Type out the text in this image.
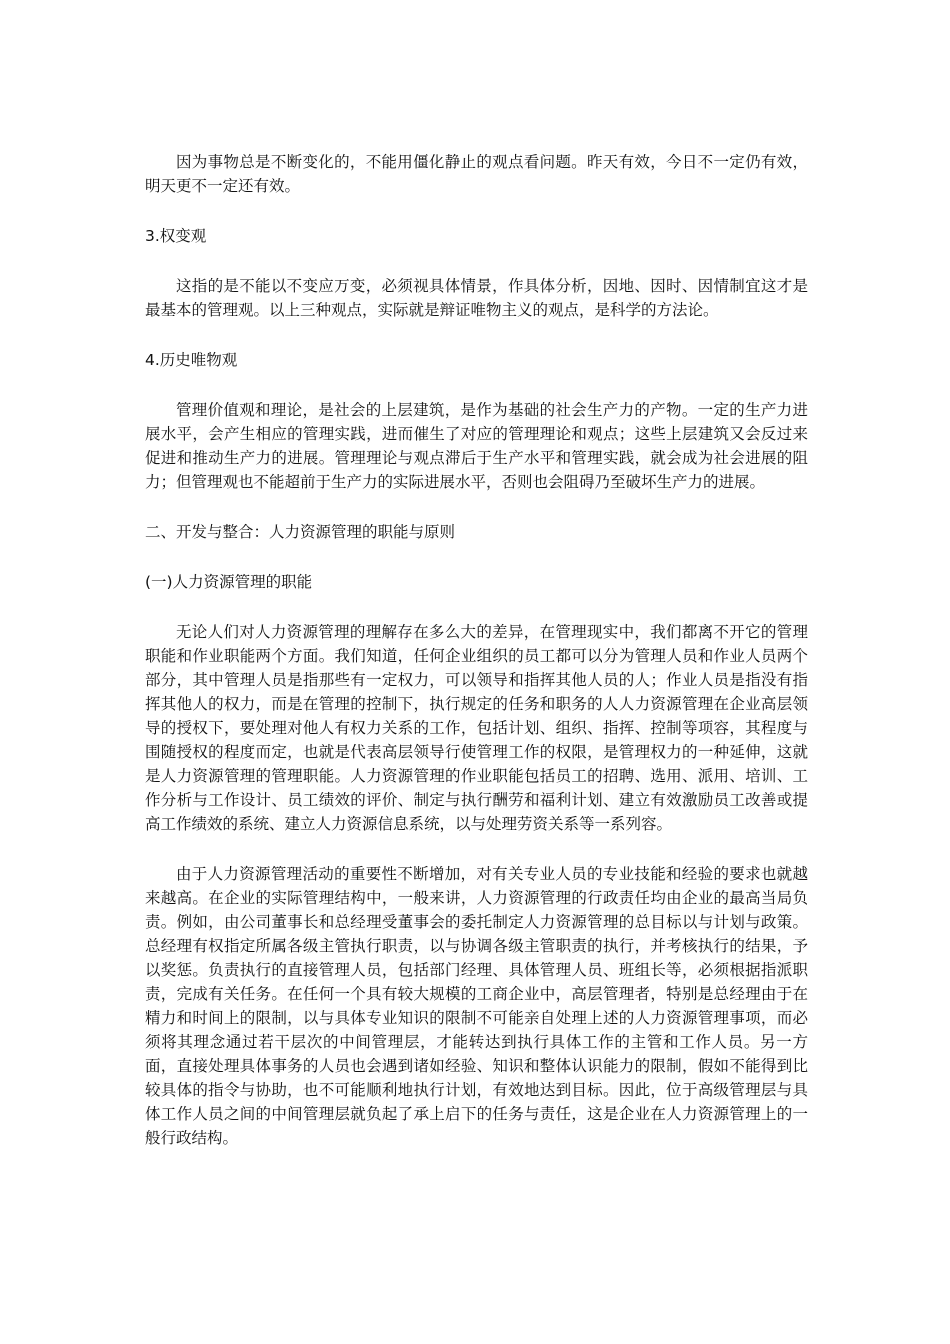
因为事物总是不断变化的，不能用僵化静止的观点看问题。昨天有效，今日不一定仍有效，明天更不一定还有效。

3.权变观

这指的是不能以不变应万变，必须视具体情景，作具体分析，因地、因时、因情制宜这才是最基本的管理观。以上三种观点，实际就是辩证唯物主义的观点，是科学的方法论。

4.历史唯物观

管理价值观和理论，是社会的上层建筑，是作为基础的社会生产力的产物。一定的生产力进展水平，会产生相应的管理实践，进而催生了对应的管理理论和观点；这些上层建筑又会反过来促进和推动生产力的进展。管理理论与观点滞后于生产水平和管理实践，就会成为社会进展的阻力；但管理观也不能超前于生产力的实际进展水平，否则也会阻碍乃至破坏生产力的进展。

二、开发与整合：人力资源管理的职能与原则

(一)人力资源管理的职能

无论人们对人力资源管理的理解存在多么大的差异，在管理现实中，我们都离不开它的管理职能和作业职能两个方面。我们知道，任何企业组织的员工都可以分为管理人员和作业人员两个部分，其中管理人员是指那些有一定权力，可以领导和指挥其他人员的人；作业人员是指没有指挥其他人的权力，而是在管理的控制下，执行规定的任务和职务的人人力资源管理在企业高层领导的授权下，要处理对他人有权力关系的工作，包括计划、组织、指挥、控制等项容，其程度与围随授权的程度而定，也就是代表高层领导行使管理工作的权限，是管理权力的一种延伸，这就是人力资源管理的管理职能。人力资源管理的作业职能包括员工的招聘、选用、派用、培训、工作分析与工作设计、员工绩效的评价、制定与执行酬劳和福利计划、建立有效激励员工改善或提高工作绩效的系统、建立人力资源信息系统，以与处理劳资关系等一系列容。

由于人力资源管理活动的重要性不断增加，对有关专业人员的专业技能和经验的要求也就越来越高。在企业的实际管理结构中，一般来讲，人力资源管理的行政责任均由企业的最高当局负责。例如，由公司董事长和总经理受董事会的委托制定人力资源管理的总目标以与计划与政策。总经理有权指定所属各级主管执行职责，以与协调各级主管职责的执行，并考核执行的结果，予以奖惩。负责执行的直接管理人员，包括部门经理、具体管理人员、班组长等，必须根据指派职责，完成有关任务。在任何一个具有较大规模的工商企业中，高层管理者，特别是总经理由于在精力和时间上的限制，以与具体专业知识的限制不可能亲自处理上述的人力资源管理事项，而必须将其理念通过若干层次的中间管理层，才能转达到执行具体工作的主管和工作人员。另一方面，直接处理具体事务的人员也会遇到诸如经验、知识和整体认识能力的限制，假如不能得到比较具体的指令与协助，也不可能顺利地执行计划，有效地达到目标。因此，位于高级管理层与具体工作人员之间的中间管理层就负起了承上启下的任务与责任，这是企业在人力资源管理上的一般行政结构。
